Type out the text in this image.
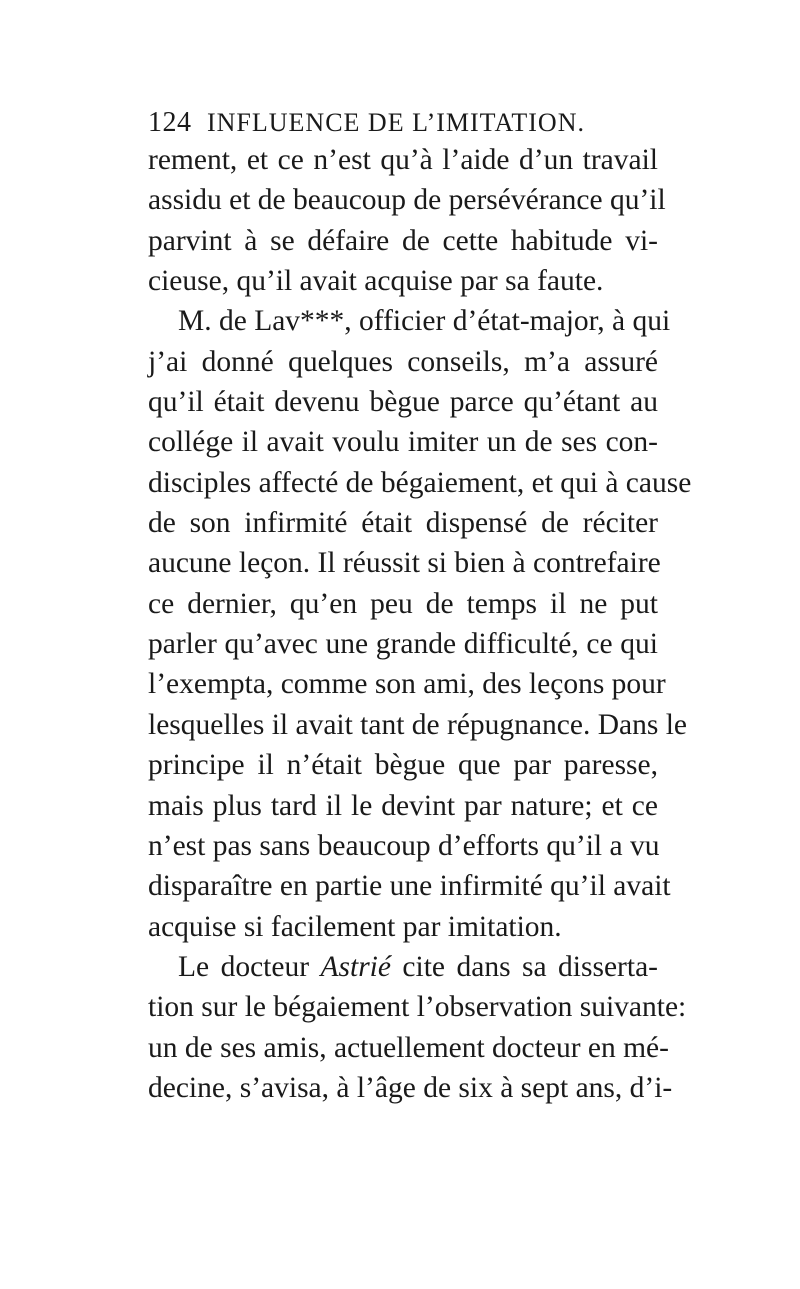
124 INFLUENCE DE L’IMITATION.
rement, et ce n’est qu’à l’aide d’un travail
assidu et de beaucoup de persévérance qu’il
parvint à se défaire de cette habitude vi-
cieuse, qu’il avait acquise par sa faute.
M. de Lav***, officier d’état-major, à qui
j’ai donné quelques conseils, m’a assuré
qu’il était devenu bègue parce qu’étant au
collége il avait voulu imiter un de ses con-
disciples affecté de bégaiement, et qui à cause
de son infirmité était dispensé de réciter
aucune leçon. Il réussit si bien à contrefaire
ce dernier, qu’en peu de temps il ne put
parler qu’avec une grande difficulté, ce qui
l’exempta, comme son ami, des leçons pour
lesquelles il avait tant de répugnance. Dans le
principe il n’était bègue que par paresse,
mais plus tard il le devint par nature; et ce
n’est pas sans beaucoup d’efforts qu’il a vu
disparaître en partie une infirmité qu’il avait
acquise si facilement par imitation.
Le docteur Astrié cite dans sa disserta-
tion sur le bégaiement l’observation suivante:
un de ses amis, actuellement docteur en mé-
decine, s’avisa, à l’âge de six à sept ans, d’i-
